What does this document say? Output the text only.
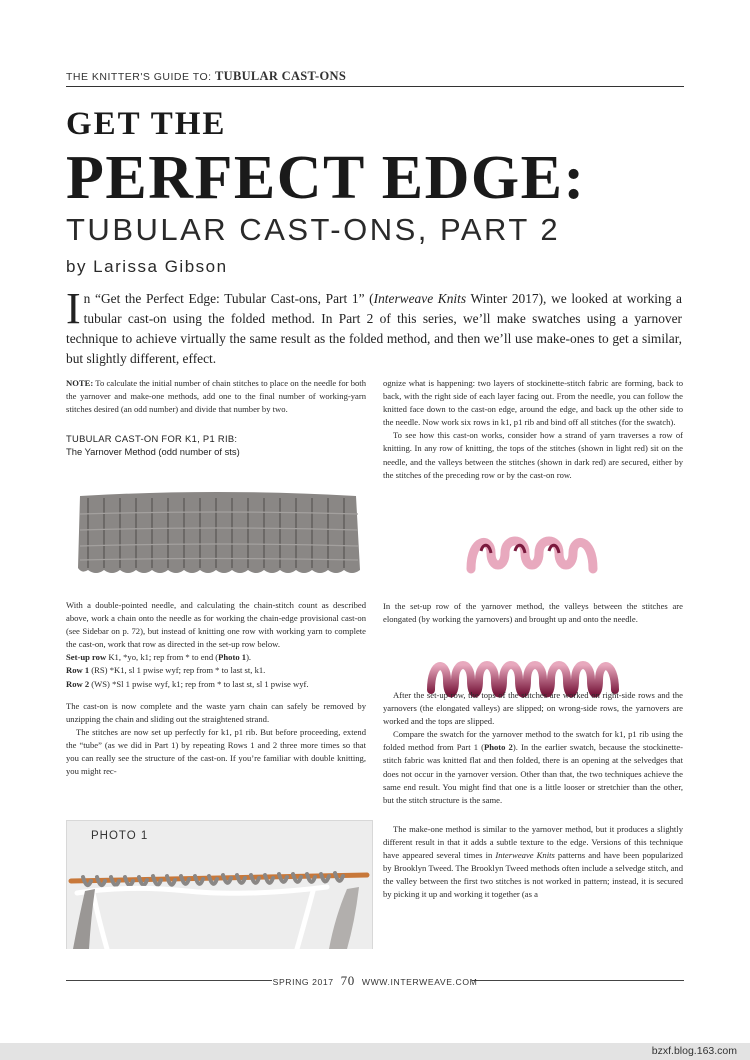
THE KNITTER'S GUIDE TO: TUBULAR CAST-ONS
GET THE
PERFECT EDGE:
TUBULAR CAST-ONS, PART 2
by Larissa Gibson
In “Get the Perfect Edge: Tubular Cast-ons, Part 1” (Interweave Knits Winter 2017), we looked at working a tubular cast-on using the folded method. In Part 2 of this series, we’ll make swatches using a yarnover technique to achieve virtually the same result as the folded method, and then we’ll use make-ones to get a similar, but slightly different, effect.

NOTE: To calculate the initial number of chain stitches to place on the needle for both the yarnover and make-one methods, add one to the final number of working-yarn stitches desired (an odd number) and divide that number by two.

TUBULAR CAST-ON FOR K1, P1 RIB:
The Yarnover Method (odd number of sts)

With a double-pointed needle, and calculating the chain-stitch count as described above, work a chain onto the needle as for working the chain-edge provisional cast-on (see Sidebar on p. 72), but instead of knitting one row with working yarn to complete the cast-on, work that row as directed in the set-up row below.

Set-up row K1, *yo, k1; rep from * to end (Photo 1).

Row 1 (RS) *K1, sl 1 pwise wyf; rep from * to last st, k1.

Row 2 (WS) *Sl 1 pwise wyf, k1; rep from * to last st, sl 1 pwise wyf.

The cast-on is now complete and the waste yarn chain can safely be removed by unzipping the chain and sliding out the straightened strand.

The stitches are now set up perfectly for k1, p1 rib. But before proceeding, extend the “tube” (as we did in Part 1) by repeating Rows 1 and 2 three more times so that you can really see the structure of the cast-on. If you’re familiar with double knitting, you might rec-

PHOTO 1

ognize what is happening: two layers of stockinette-stitch fabric are forming, back to back, with the right side of each layer facing out. From the needle, you can follow the knitted face down to the cast-on edge, around the edge, and back up the other side to the needle. Now work six rows in k1, p1 rib and bind off all stitches (for the swatch).

To see how this cast-on works, consider how a strand of yarn traverses a row of knitting. In any row of knitting, the tops of the stitches (shown in light red) sit on the needle, and the valleys between the stitches (shown in dark red) are secured, either by the stitches of the preceding row or by the cast-on row.

In the set-up row of the yarnover method, the valleys between the stitches are elongated (by working the yarnovers) and brought up and onto the needle.

After the set-up row, the tops of the stitches are worked on right-side rows and the yarnovers (the elongated valleys) are slipped; on wrong-side rows, the yarnovers are worked and the tops are slipped.

Compare the swatch for the yarnover method to the swatch for k1, p1 rib using the folded method from Part 1 (Photo 2). In the earlier swatch, because the stockinette-stitch fabric was knitted flat and then folded, there is an opening at the selvedges that does not occur in the yarnover version. Other than that, the two techniques achieve the same end result. You might find that one is a little looser or stretchier than the other, but the stitch structure is the same.

The make-one method is similar to the yarnover method, but it produces a slightly different result in that it adds a subtle texture to the edge. Versions of this technique have appeared several times in Interweave Knits patterns and have been popularized by Brooklyn Tweed. The Brooklyn Tweed methods often include a selvedge stitch, and the valley between the first two stitches is not worked in pattern; instead, it is secured by picking it up and working it together (as a

SPRING 2017 70 WWW.INTERWEAVE.COM
bzxf.blog.163.com
